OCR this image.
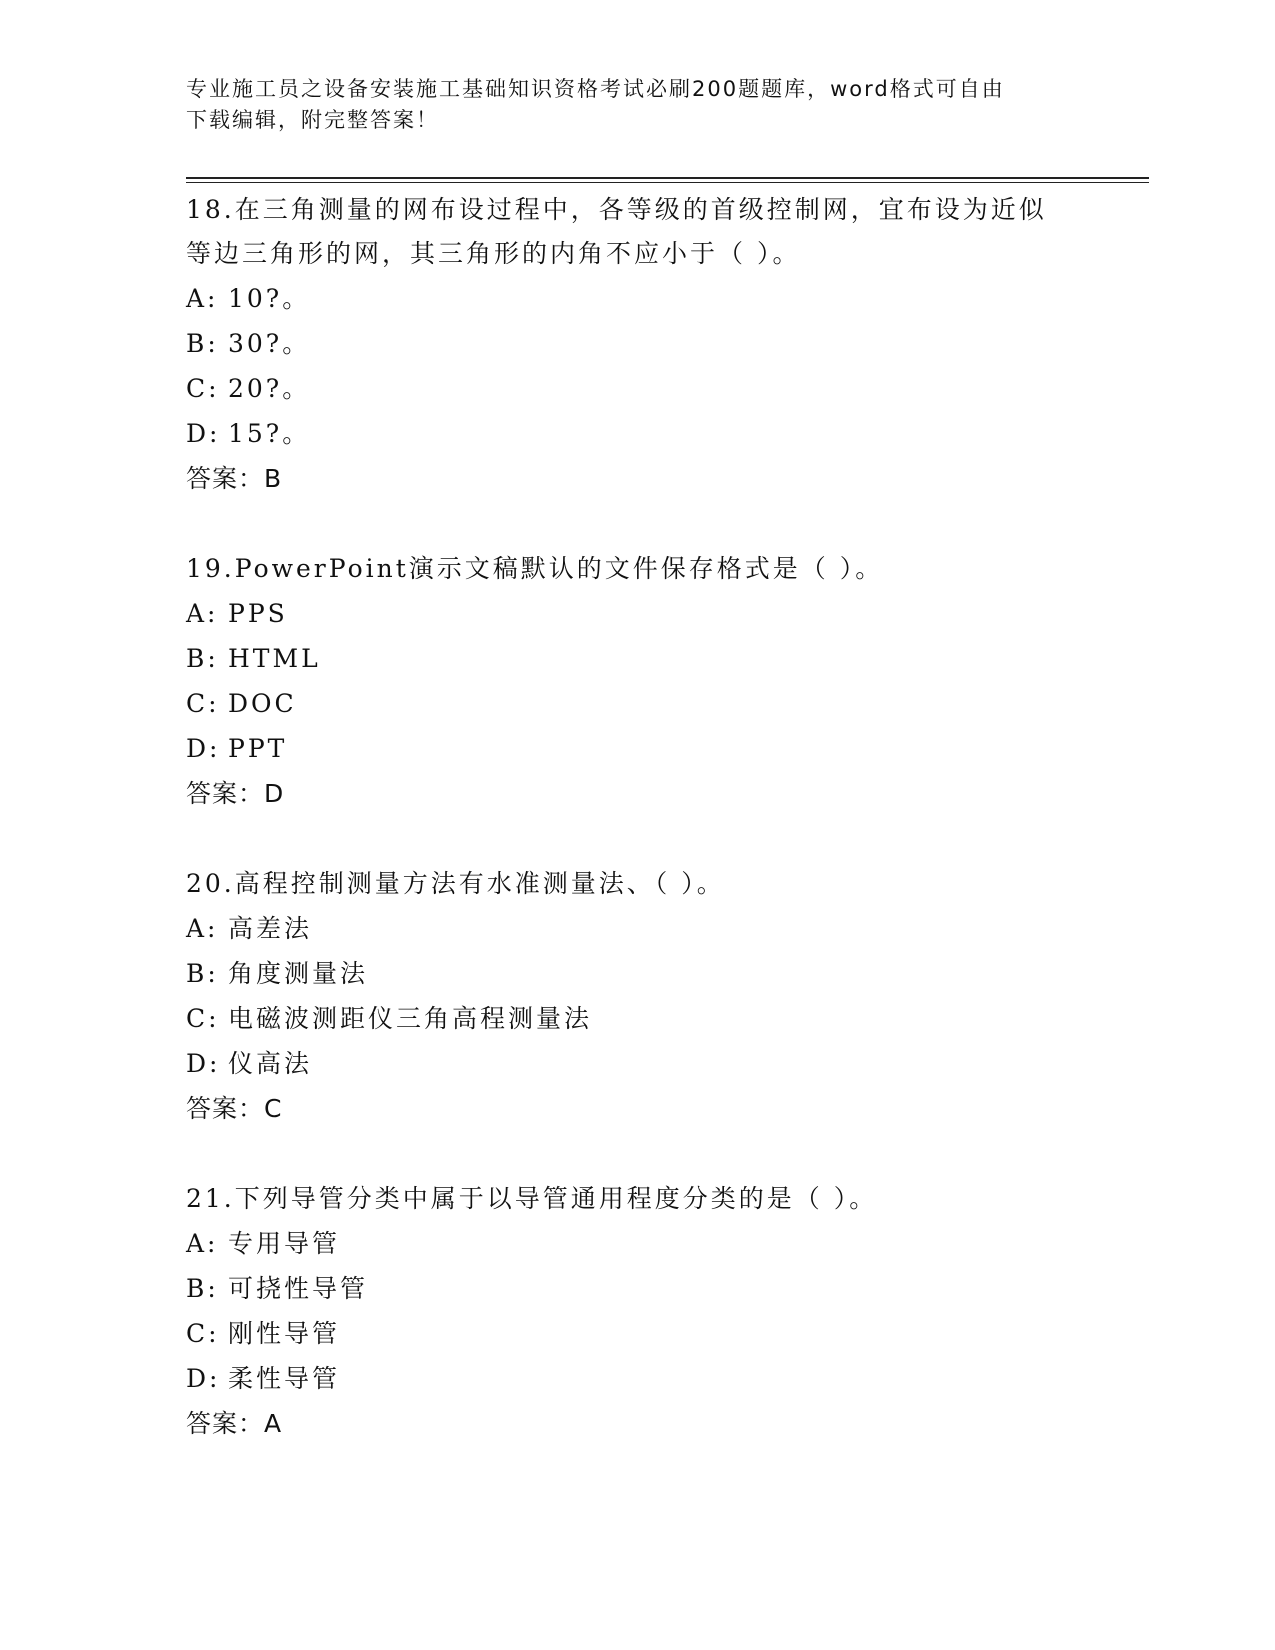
专业施工员之设备安装施工基础知识资格考试必刷200题题库，word格式可自由
下载编辑，附完整答案！
18.在三角测量的网布设过程中，各等级的首级控制网，宜布设为近似
等边三角形的网，其三角形的内角不应小于（ ）。
A: 10?。
B: 30?。
C: 20?。
D: 15?。
答案：B
19.PowerPoint演示文稿默认的文件保存格式是（ ）。
A: PPS
B: HTML
C: DOC
D: PPT
答案：D
20.高程控制测量方法有水准测量法、（ ）。
A: 高差法
B: 角度测量法
C: 电磁波测距仪三角高程测量法
D: 仪高法
答案：C
21.下列导管分类中属于以导管通用程度分类的是（ ）。
A: 专用导管
B: 可挠性导管
C: 刚性导管
D: 柔性导管
答案：A
